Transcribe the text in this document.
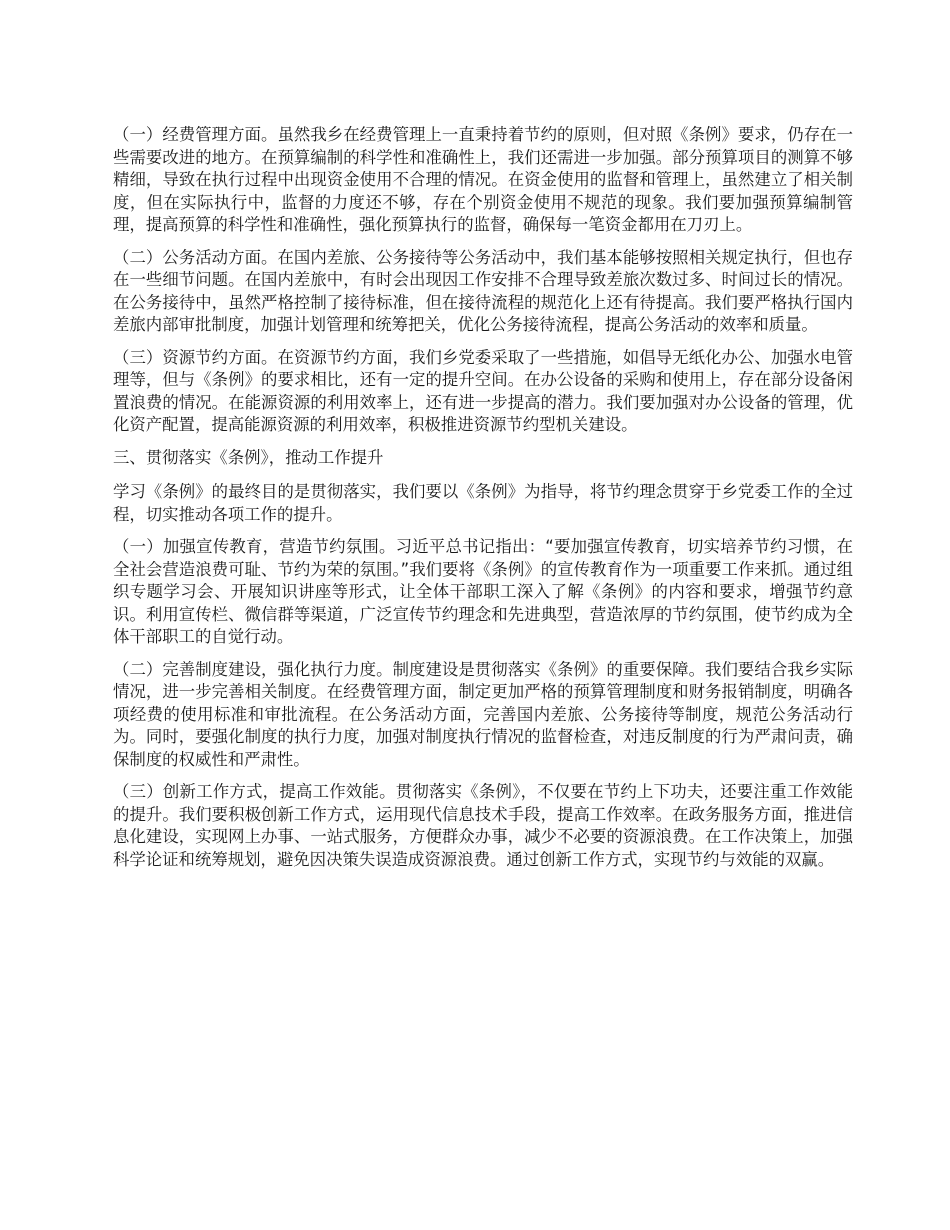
（一）经费管理方面。虽然我乡在经费管理上一直秉持着节约的原则，但对照《条例》要求，仍存在一些需要改进的地方。在预算编制的科学性和准确性上，我们还需进一步加强。部分预算项目的测算不够精细，导致在执行过程中出现资金使用不合理的情况。在资金使用的监督和管理上，虽然建立了相关制度，但在实际执行中，监督的力度还不够，存在个别资金使用不规范的现象。我们要加强预算编制管理，提高预算的科学性和准确性，强化预算执行的监督，确保每一笔资金都用在刀刃上。

（二）公务活动方面。在国内差旅、公务接待等公务活动中，我们基本能够按照相关规定执行，但也存在一些细节问题。在国内差旅中，有时会出现因工作安排不合理导致差旅次数过多、时间过长的情况。在公务接待中，虽然严格控制了接待标准，但在接待流程的规范化上还有待提高。我们要严格执行国内差旅内部审批制度，加强计划管理和统筹把关，优化公务接待流程，提高公务活动的效率和质量。

（三）资源节约方面。在资源节约方面，我们乡党委采取了一些措施，如倡导无纸化办公、加强水电管理等，但与《条例》的要求相比，还有一定的提升空间。在办公设备的采购和使用上，存在部分设备闲置浪费的情况。在能源资源的利用效率上，还有进一步提高的潜力。我们要加强对办公设备的管理，优化资产配置，提高能源资源的利用效率，积极推进资源节约型机关建设。

三、贯彻落实《条例》，推动工作提升

学习《条例》的最终目的是贯彻落实，我们要以《条例》为指导，将节约理念贯穿于乡党委工作的全过程，切实推动各项工作的提升。

（一）加强宣传教育，营造节约氛围。习近平总书记指出：“要加强宣传教育，切实培养节约习惯，在全社会营造浪费可耻、节约为荣的氛围。”我们要将《条例》的宣传教育作为一项重要工作来抓。通过组织专题学习会、开展知识讲座等形式，让全体干部职工深入了解《条例》的内容和要求，增强节约意识。利用宣传栏、微信群等渠道，广泛宣传节约理念和先进典型，营造浓厚的节约氛围，使节约成为全体干部职工的自觉行动。

（二）完善制度建设，强化执行力度。制度建设是贯彻落实《条例》的重要保障。我们要结合我乡实际情况，进一步完善相关制度。在经费管理方面，制定更加严格的预算管理制度和财务报销制度，明确各项经费的使用标准和审批流程。在公务活动方面，完善国内差旅、公务接待等制度，规范公务活动行为。同时，要强化制度的执行力度，加强对制度执行情况的监督检查，对违反制度的行为严肃问责，确保制度的权威性和严肃性。

（三）创新工作方式，提高工作效能。贯彻落实《条例》，不仅要在节约上下功夫，还要注重工作效能的提升。我们要积极创新工作方式，运用现代信息技术手段，提高工作效率。在政务服务方面，推进信息化建设，实现网上办事、一站式服务，方便群众办事，减少不必要的资源浪费。在工作决策上，加强科学论证和统筹规划，避免因决策失误造成资源浪费。通过创新工作方式，实现节约与效能的双赢。
